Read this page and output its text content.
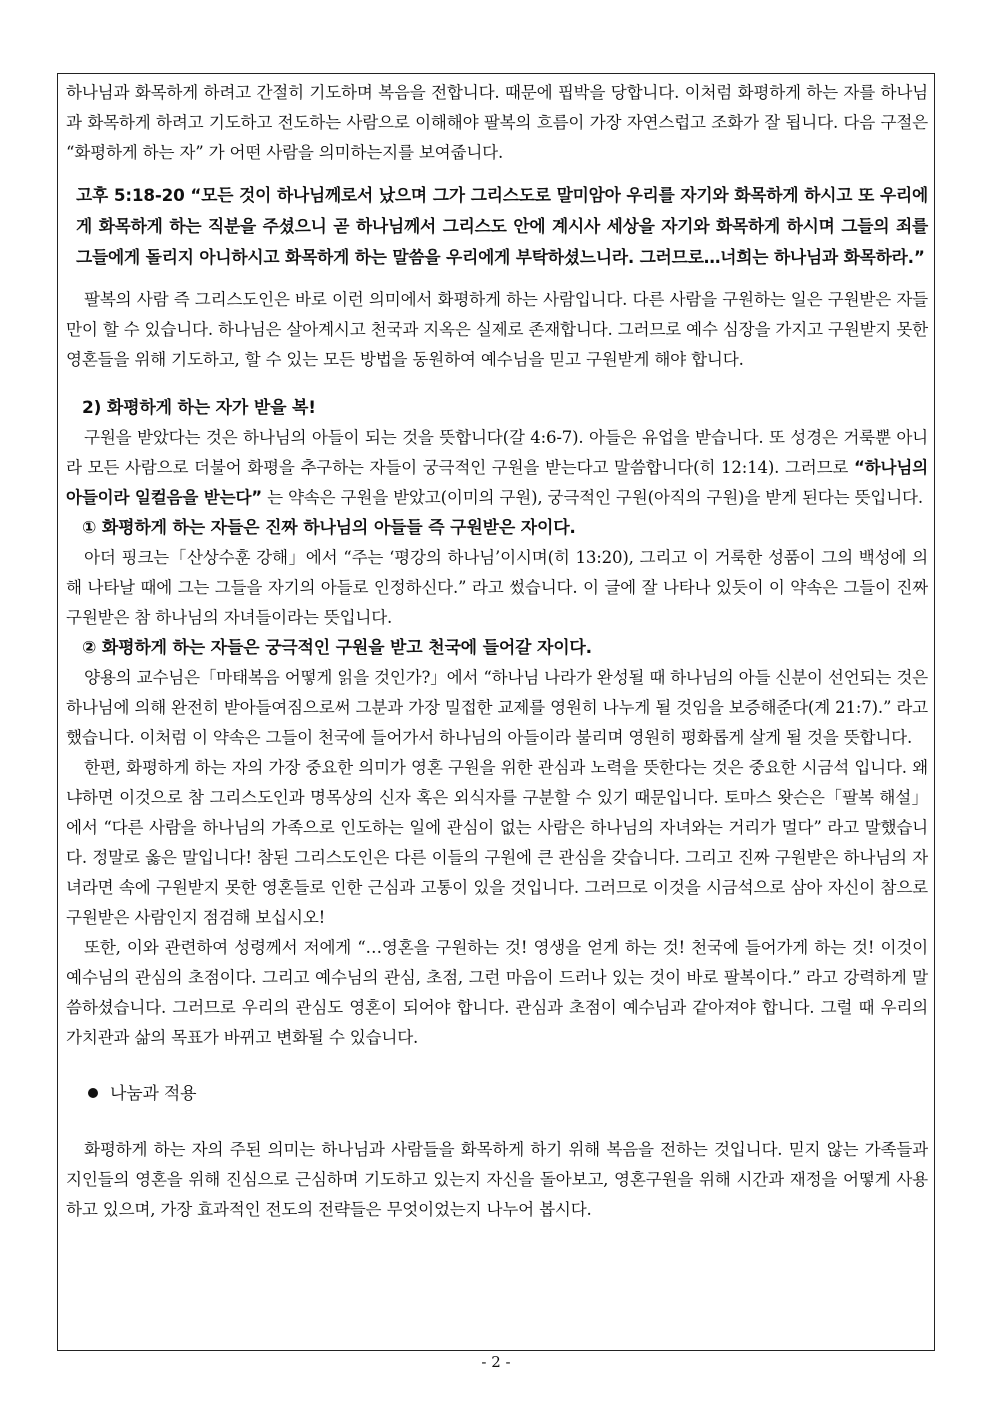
하나님과 화목하게 하려고 간절히 기도하며 복음을 전합니다. 때문에 핍박을 당합니다. 이처럼 화평하게 하는 자를 하나님과 화목하게 하려고 기도하고 전도하는 사람으로 이해해야 팔복의 흐름이 가장 자연스럽고 조화가 잘 됩니다. 다음 구절은 “화평하게 하는 자” 가 어떤 사람을 의미하는지를 보여줍니다.

고후 5:18-20 “모든 것이 하나님께로서 났으며 그가 그리스도로 말미암아 우리를 자기와 화목하게 하시고 또 우리에게 화목하게 하는 직분을 주셨으니 곧 하나님께서 그리스도 안에 계시사 세상을 자기와 화목하게 하시며 그들의 죄를 그들에게 돌리지 아니하시고 화목하게 하는 말씀을 우리에게 부탁하셨느니라. 그러므로…너희는 하나님과 화목하라.”

팔복의 사람 즉 그리스도인은 바로 이런 의미에서 화평하게 하는 사람입니다. 다른 사람을 구원하는 일은 구원받은 자들만이 할 수 있습니다. 하나님은 살아계시고 천국과 지옥은 실제로 존재합니다. 그러므로 예수 심장을 가지고 구원받지 못한 영혼들을 위해 기도하고, 할 수 있는 모든 방법을 동원하여 예수님을 믿고 구원받게 해야 합니다.

2) 화평하게 하는 자가 받을 복!

구원을 받았다는 것은 하나님의 아들이 되는 것을 뜻합니다(갈 4:6-7). 아들은 유업을 받습니다. 또 성경은 거룩뿐 아니라 모든 사람으로 더불어 화평을 추구하는 자들이 궁극적인 구원을 받는다고 말씀합니다(히 12:14). 그러므로 “하나님의 아들이라 일컬음을 받는다” 는 약속은 구원을 받았고(이미의 구원), 궁극적인 구원(아직의 구원)을 받게 된다는 뜻입니다.

① 화평하게 하는 자들은 진짜 하나님의 아들들 즉 구원받은 자이다.

아더 핑크는「산상수훈 강해」에서 “주는 ‘평강의 하나님’이시며(히 13:20), 그리고 이 거룩한 성품이 그의 백성에 의해 나타날 때에 그는 그들을 자기의 아들로 인정하신다.” 라고 썼습니다. 이 글에 잘 나타나 있듯이 이 약속은 그들이 진짜 구원받은 참 하나님의 자녀들이라는 뜻입니다.

② 화평하게 하는 자들은 궁극적인 구원을 받고 천국에 들어갈 자이다.

양용의 교수님은「마태복음 어떻게 읽을 것인가?」에서 “하나님 나라가 완성될 때 하나님의 아들 신분이 선언되는 것은 하나님에 의해 완전히 받아들여짐으로써 그분과 가장 밀접한 교제를 영원히 나누게 될 것임을 보증해준다(계 21:7).” 라고 했습니다. 이처럼 이 약속은 그들이 천국에 들어가서 하나님의 아들이라 불리며 영원히 평화롭게 살게 될 것을 뜻합니다.

한편, 화평하게 하는 자의 가장 중요한 의미가 영혼 구원을 위한 관심과 노력을 뜻한다는 것은 중요한 시금석 입니다. 왜냐하면 이것으로 참 그리스도인과 명목상의 신자 혹은 외식자를 구분할 수 있기 때문입니다. 토마스 왓슨은「팔복 해설」에서 “다른 사람을 하나님의 가족으로 인도하는 일에 관심이 없는 사람은 하나님의 자녀와는 거리가 멀다” 라고 말했습니다. 정말로 옳은 말입니다! 참된 그리스도인은 다른 이들의 구원에 큰 관심을 갖습니다. 그리고 진짜 구원받은 하나님의 자녀라면 속에 구원받지 못한 영혼들로 인한 근심과 고통이 있을 것입니다. 그러므로 이것을 시금석으로 삼아 자신이 참으로 구원받은 사람인지 점검해 보십시오!

또한, 이와 관련하여 성령께서 저에게 “…영혼을 구원하는 것! 영생을 얻게 하는 것! 천국에 들어가게 하는 것! 이것이 예수님의 관심의 초점이다. 그리고 예수님의 관심, 초점, 그런 마음이 드러나 있는 것이 바로 팔복이다.” 라고 강력하게 말씀하셨습니다. 그러므로 우리의 관심도 영혼이 되어야 합니다. 관심과 초점이 예수님과 같아져야 합니다. 그럴 때 우리의 가치관과 삶의 목표가 바뀌고 변화될 수 있습니다.

나눔과 적용

화평하게 하는 자의 주된 의미는 하나님과 사람들을 화목하게 하기 위해 복음을 전하는 것입니다. 믿지 않는 가족들과 지인들의 영혼을 위해 진심으로 근심하며 기도하고 있는지 자신을 돌아보고, 영혼구원을 위해 시간과 재정을 어떻게 사용하고 있으며, 가장 효과적인 전도의 전략들은 무엇이었는지 나누어 봅시다.

- 2 -
